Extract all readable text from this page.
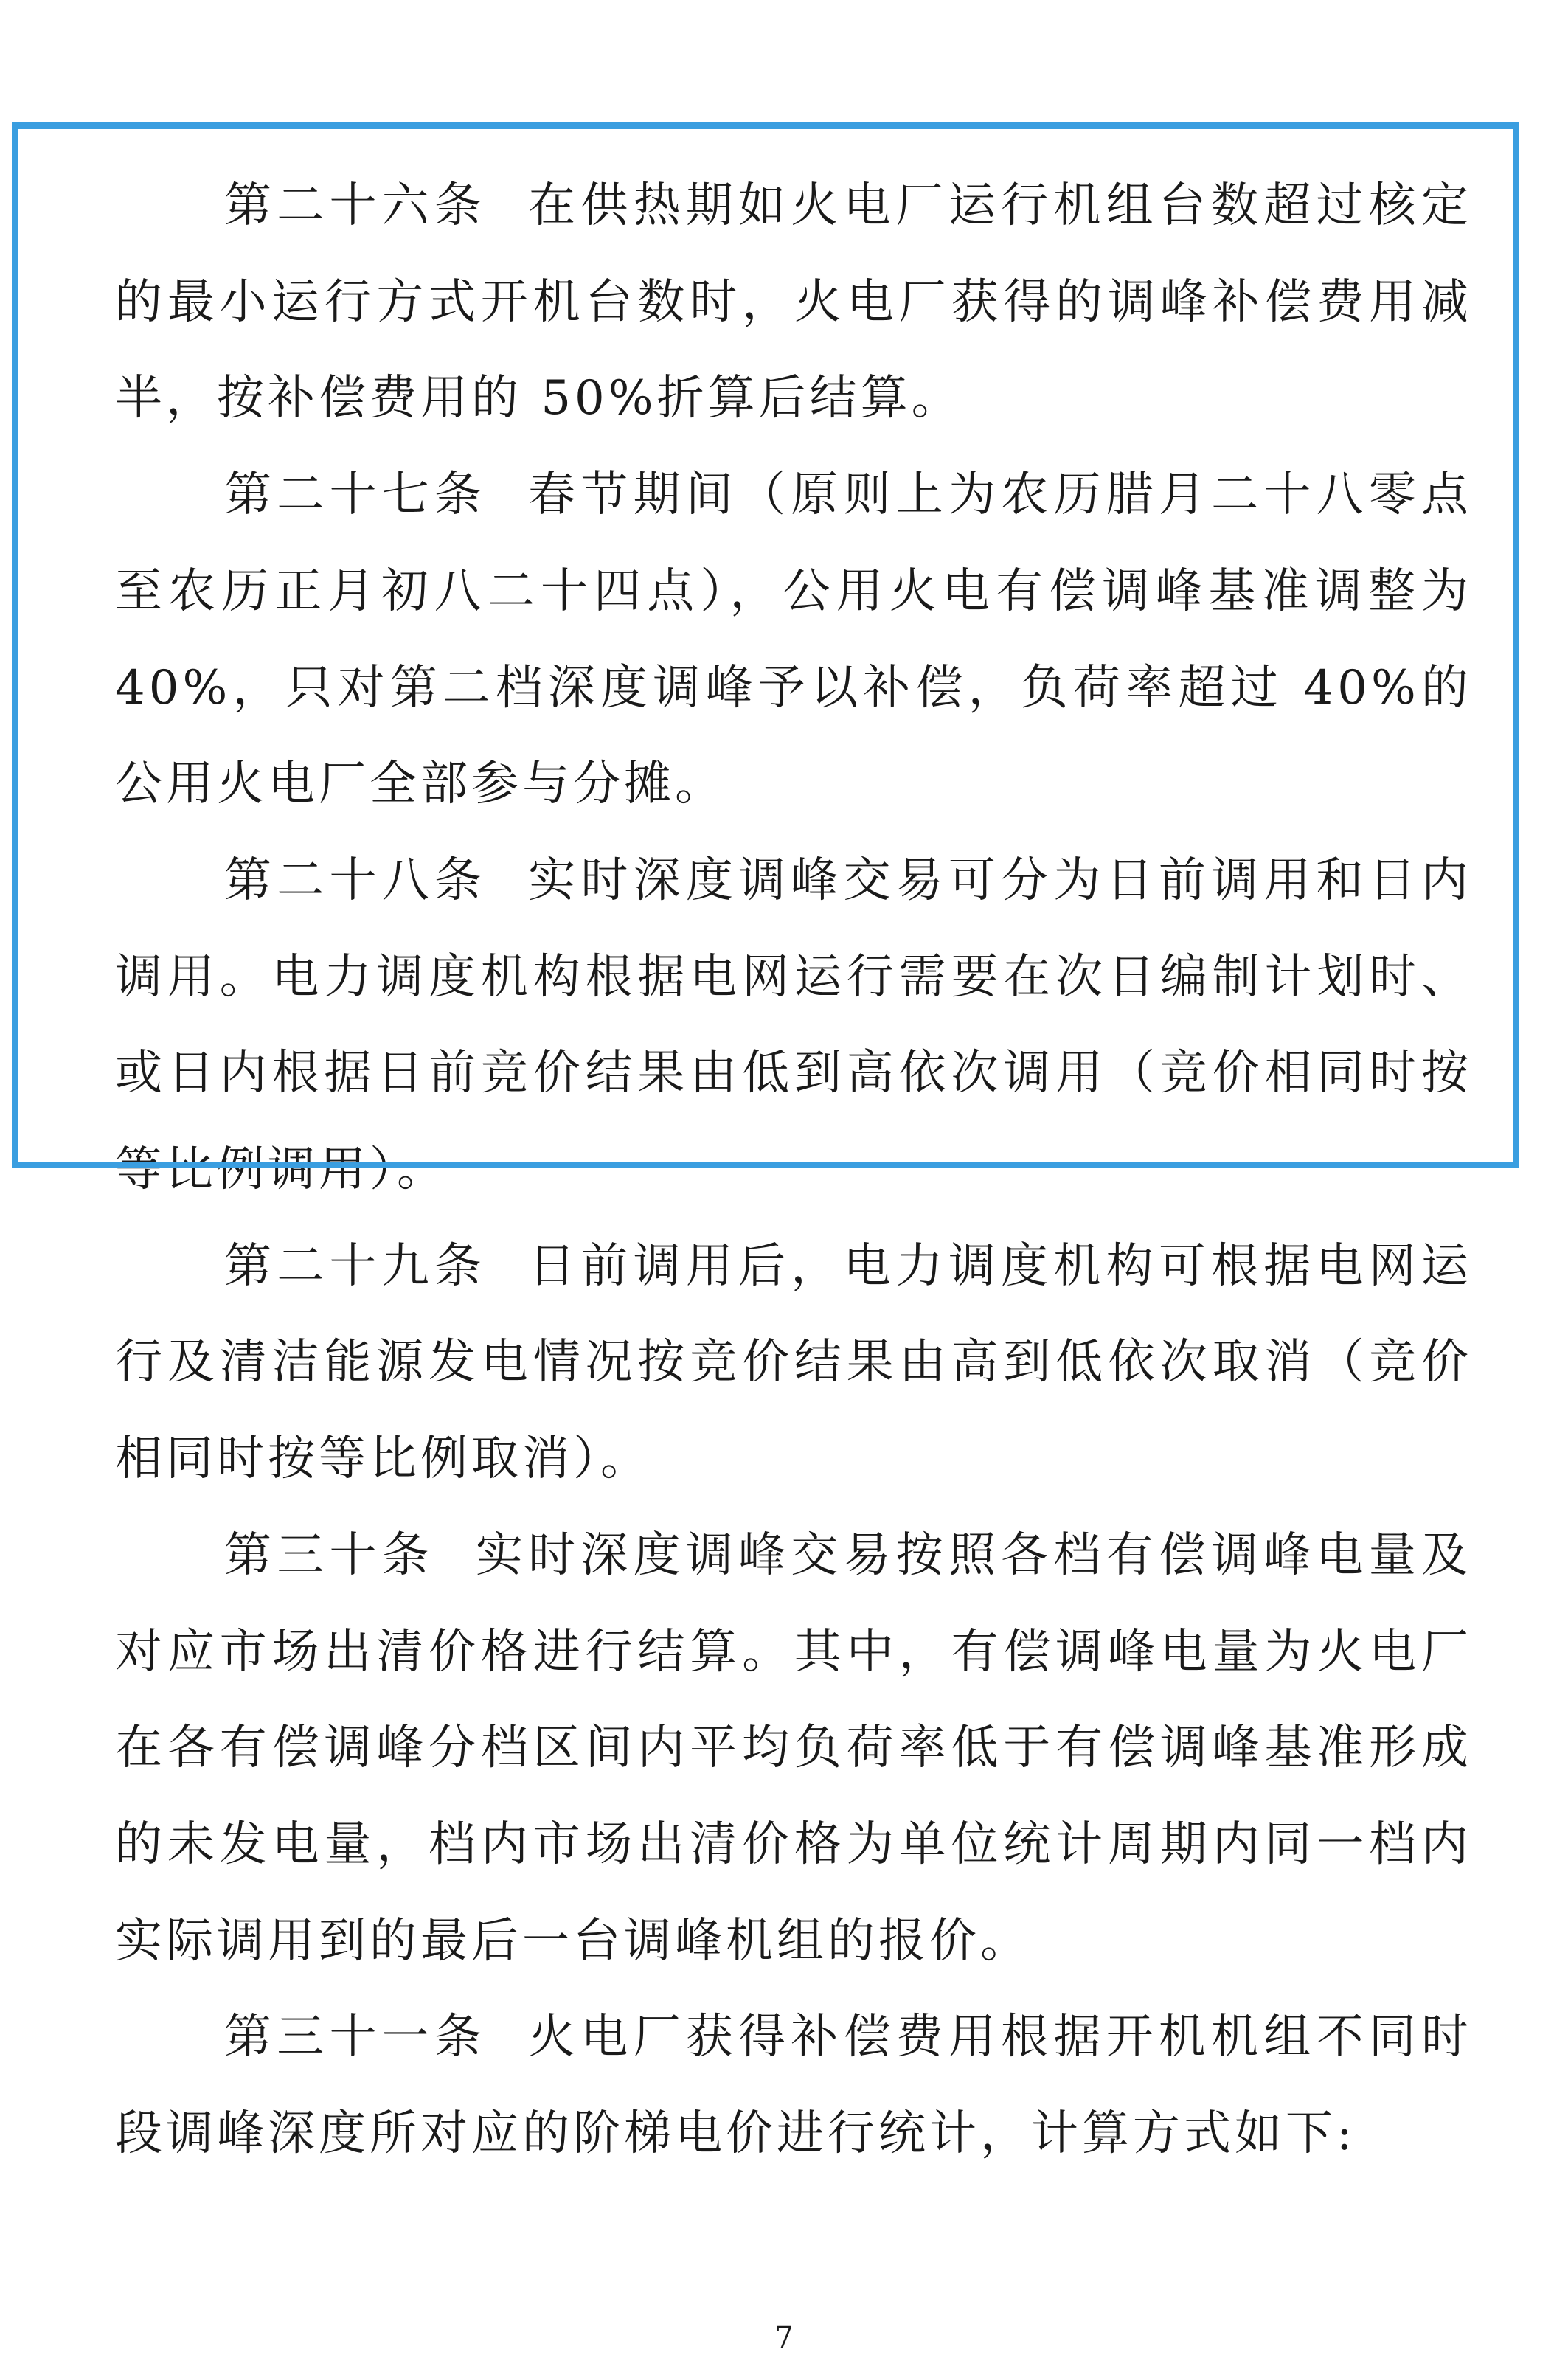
第二十六条 在供热期如火电厂运行机组台数超过核定的最小运行方式开机台数时，火电厂获得的调峰补偿费用减半，按补偿费用的 50%折算后结算。

第二十七条 春节期间（原则上为农历腊月二十八零点至农历正月初八二十四点），公用火电有偿调峰基准调整为 40%，只对第二档深度调峰予以补偿，负荷率超过 40%的公用火电厂全部参与分摊。

第二十八条 实时深度调峰交易可分为日前调用和日内调用。电力调度机构根据电网运行需要在次日编制计划时、或日内根据日前竞价结果由低到高依次调用（竞价相同时按等比例调用）。

第二十九条 日前调用后，电力调度机构可根据电网运行及清洁能源发电情况按竞价结果由高到低依次取消（竞价相同时按等比例取消）。

第三十条 实时深度调峰交易按照各档有偿调峰电量及对应市场出清价格进行结算。其中，有偿调峰电量为火电厂在各有偿调峰分档区间内平均负荷率低于有偿调峰基准形成的未发电量，档内市场出清价格为单位统计周期内同一档内实际调用到的最后一台调峰机组的报价。

第三十一条 火电厂获得补偿费用根据开机机组不同时段调峰深度所对应的阶梯电价进行统计，计算方式如下:

7
